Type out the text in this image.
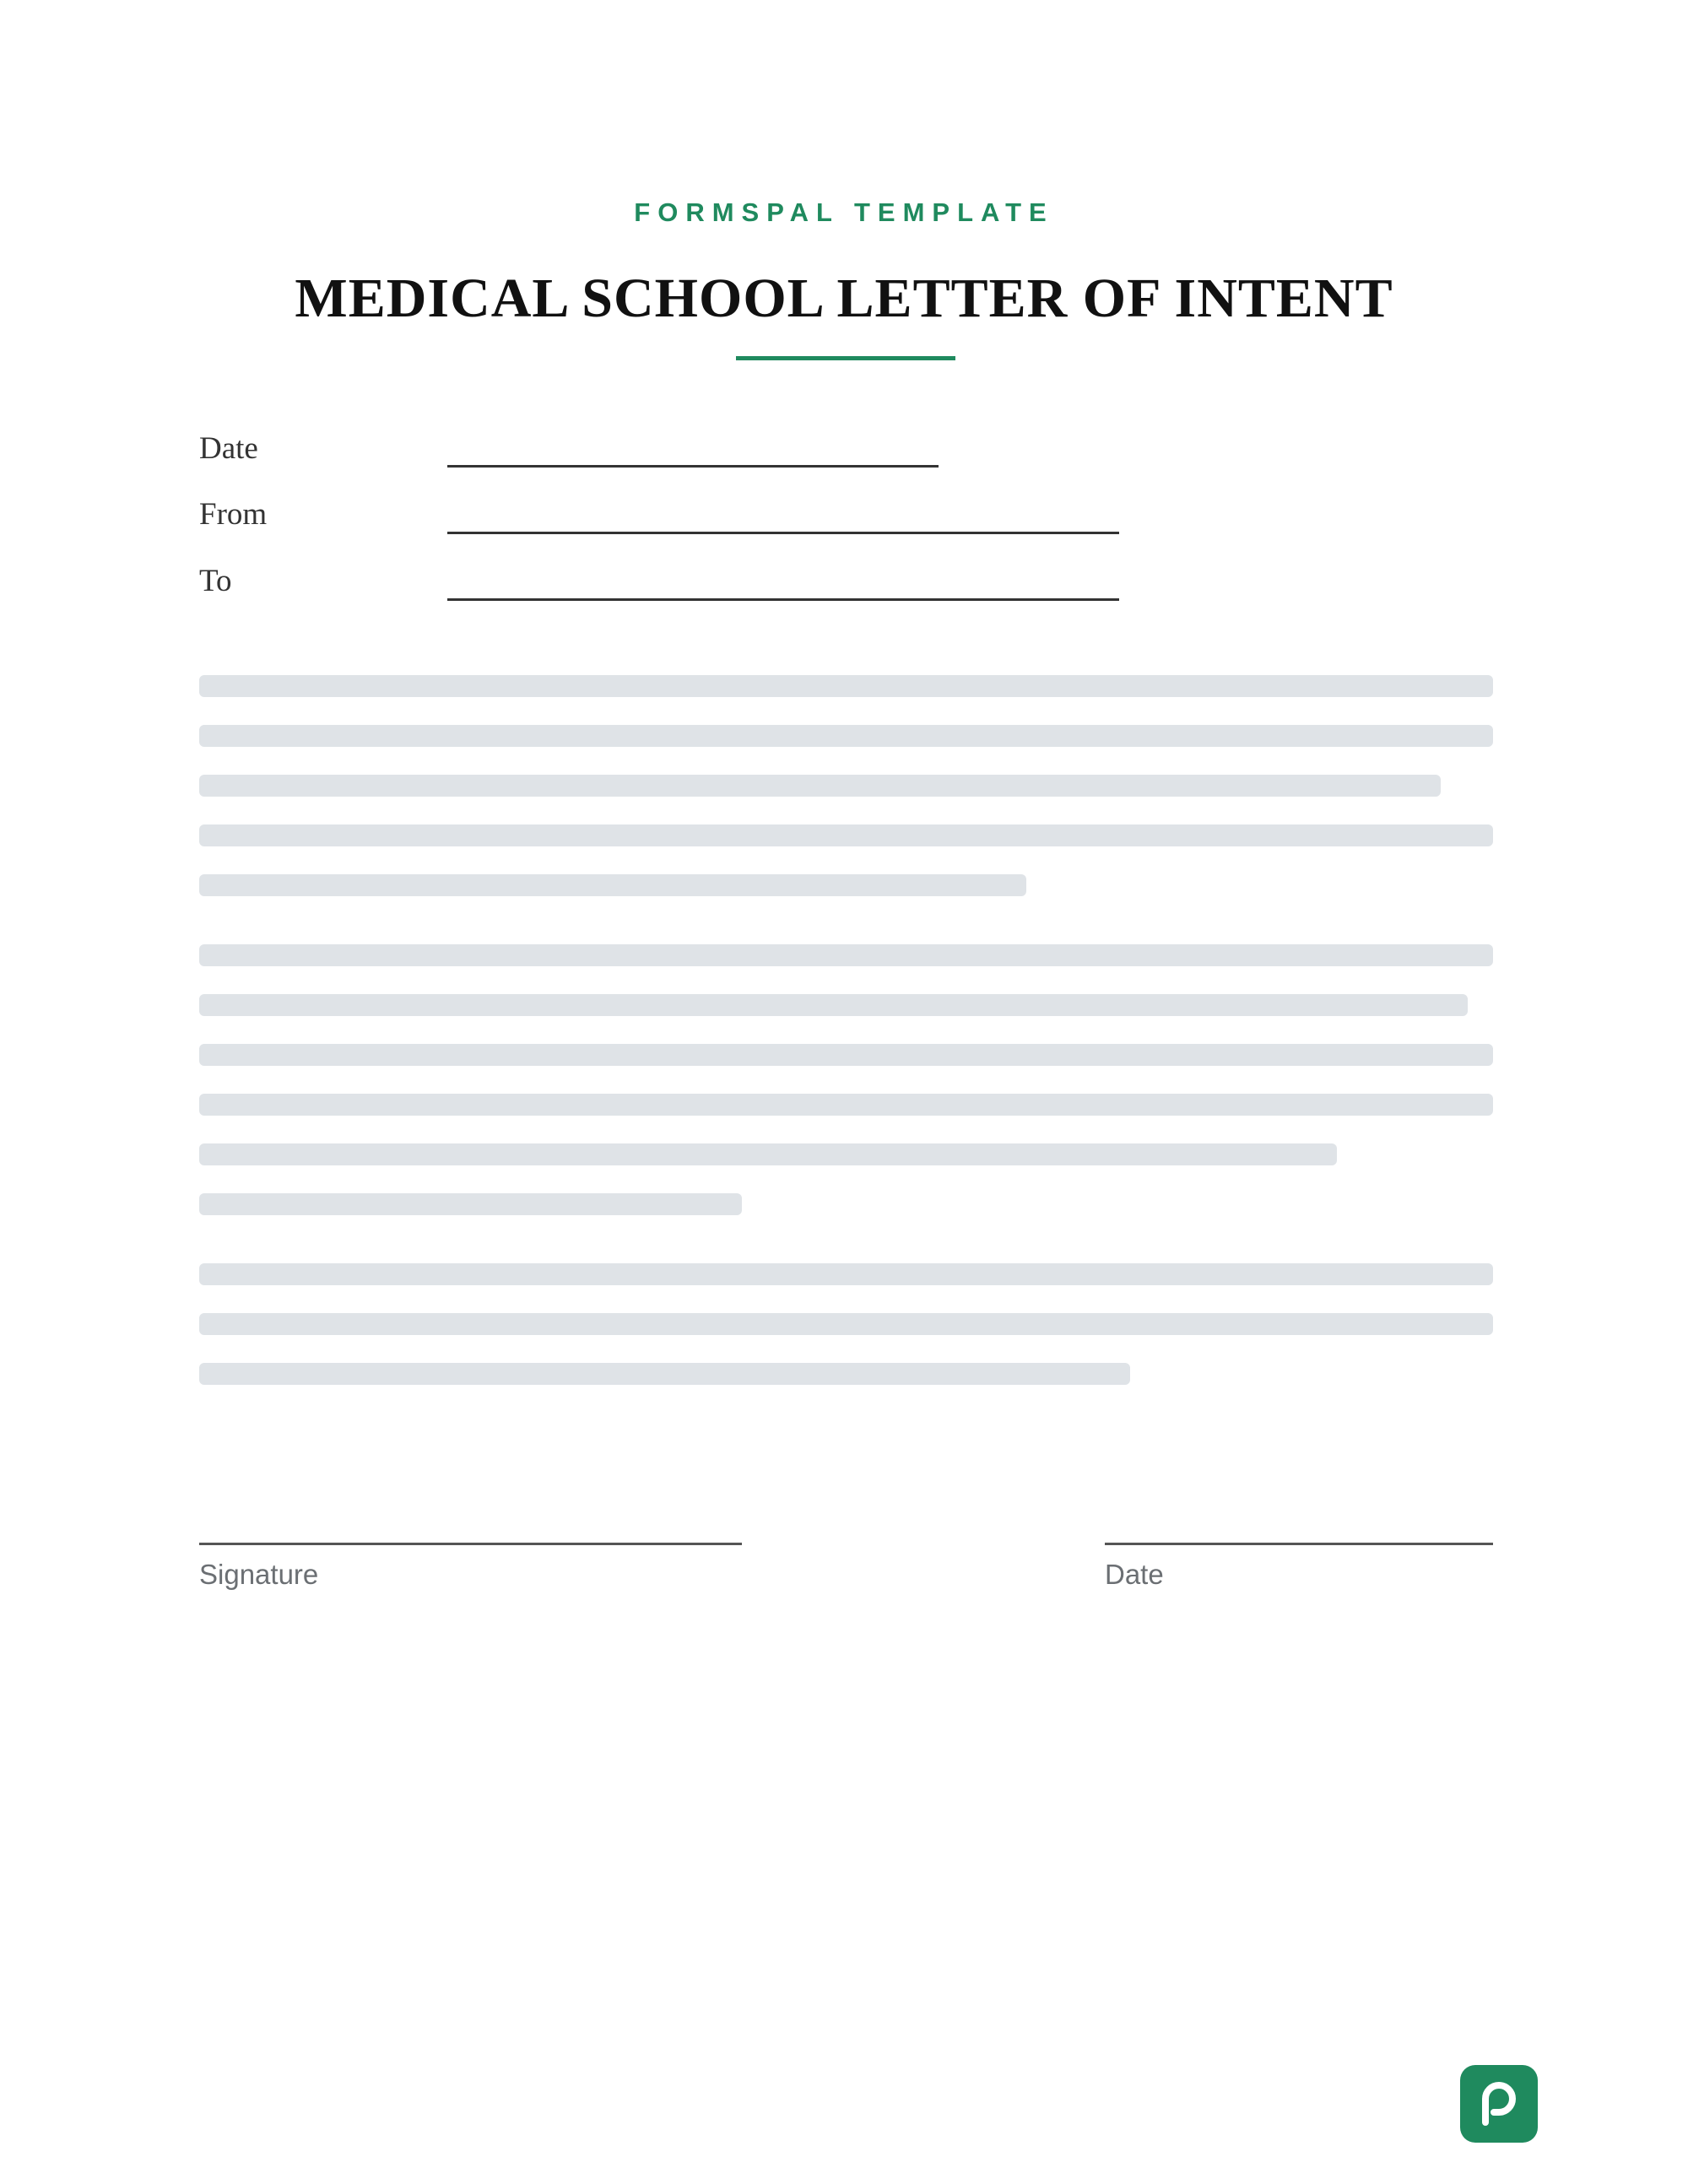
FORMSPAL TEMPLATE
MEDICAL SCHOOL LETTER OF INTENT
Date
From
To
Signature	Date
